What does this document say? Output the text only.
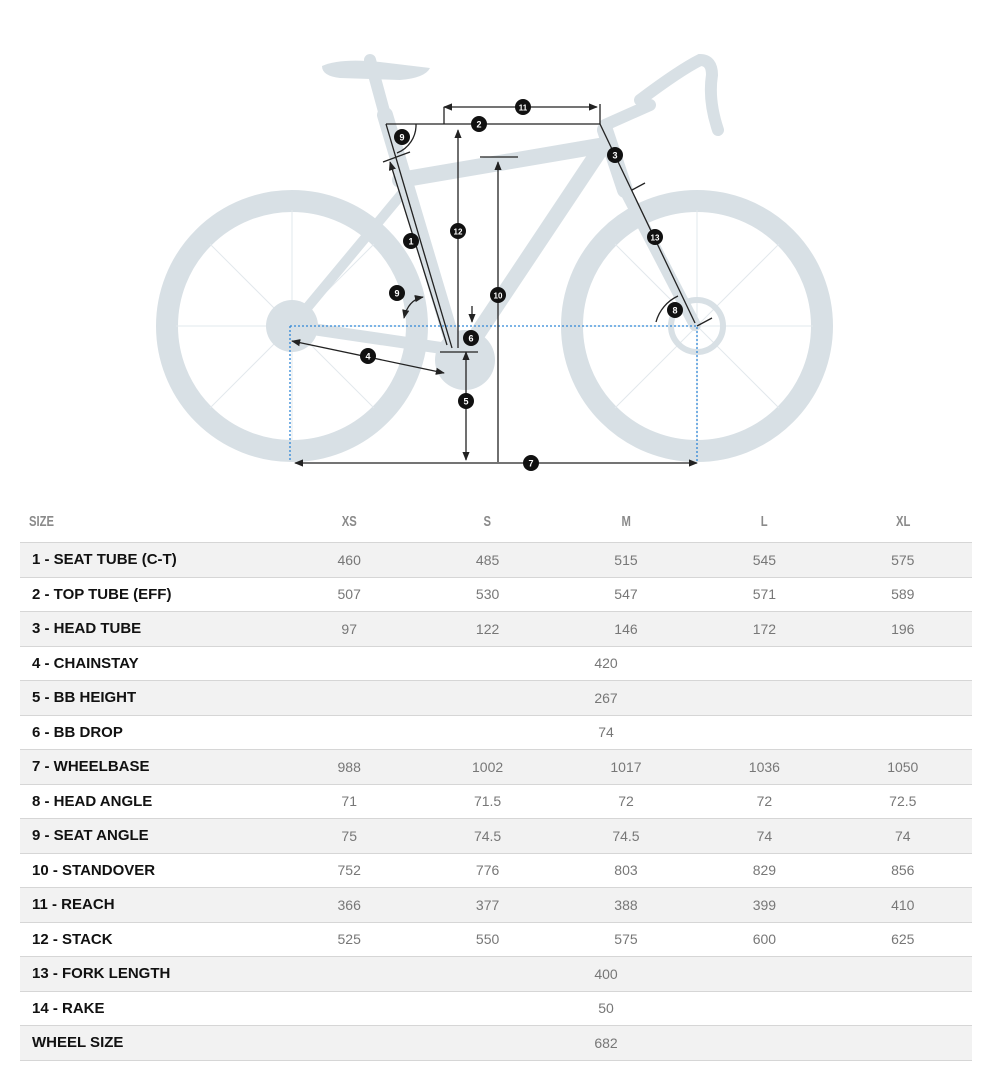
1
2
3
4
5
6
7
8
9
10
11
12
13
9
SIZE	XS	S	M	L	XL
1 - SEAT TUBE (C-T)	460	485	515	545	575
2 - TOP TUBE (EFF)	507	530	547	571	589
3 - HEAD TUBE	97	122	146	172	196
4 - CHAINSTAY	420				
5 - BB HEIGHT	267				
6 - BB DROP	74				
7 - WHEELBASE	988	1002	1017	1036	1050
8 - HEAD ANGLE	71	71.5	72	72	72.5
9 - SEAT ANGLE	75	74.5	74.5	74	74
10 - STANDOVER	752	776	803	829	856
11 - REACH	366	377	388	399	410
12 - STACK	525	550	575	600	625
13 - FORK LENGTH	400				
14 - RAKE	50				
WHEEL SIZE	682				
